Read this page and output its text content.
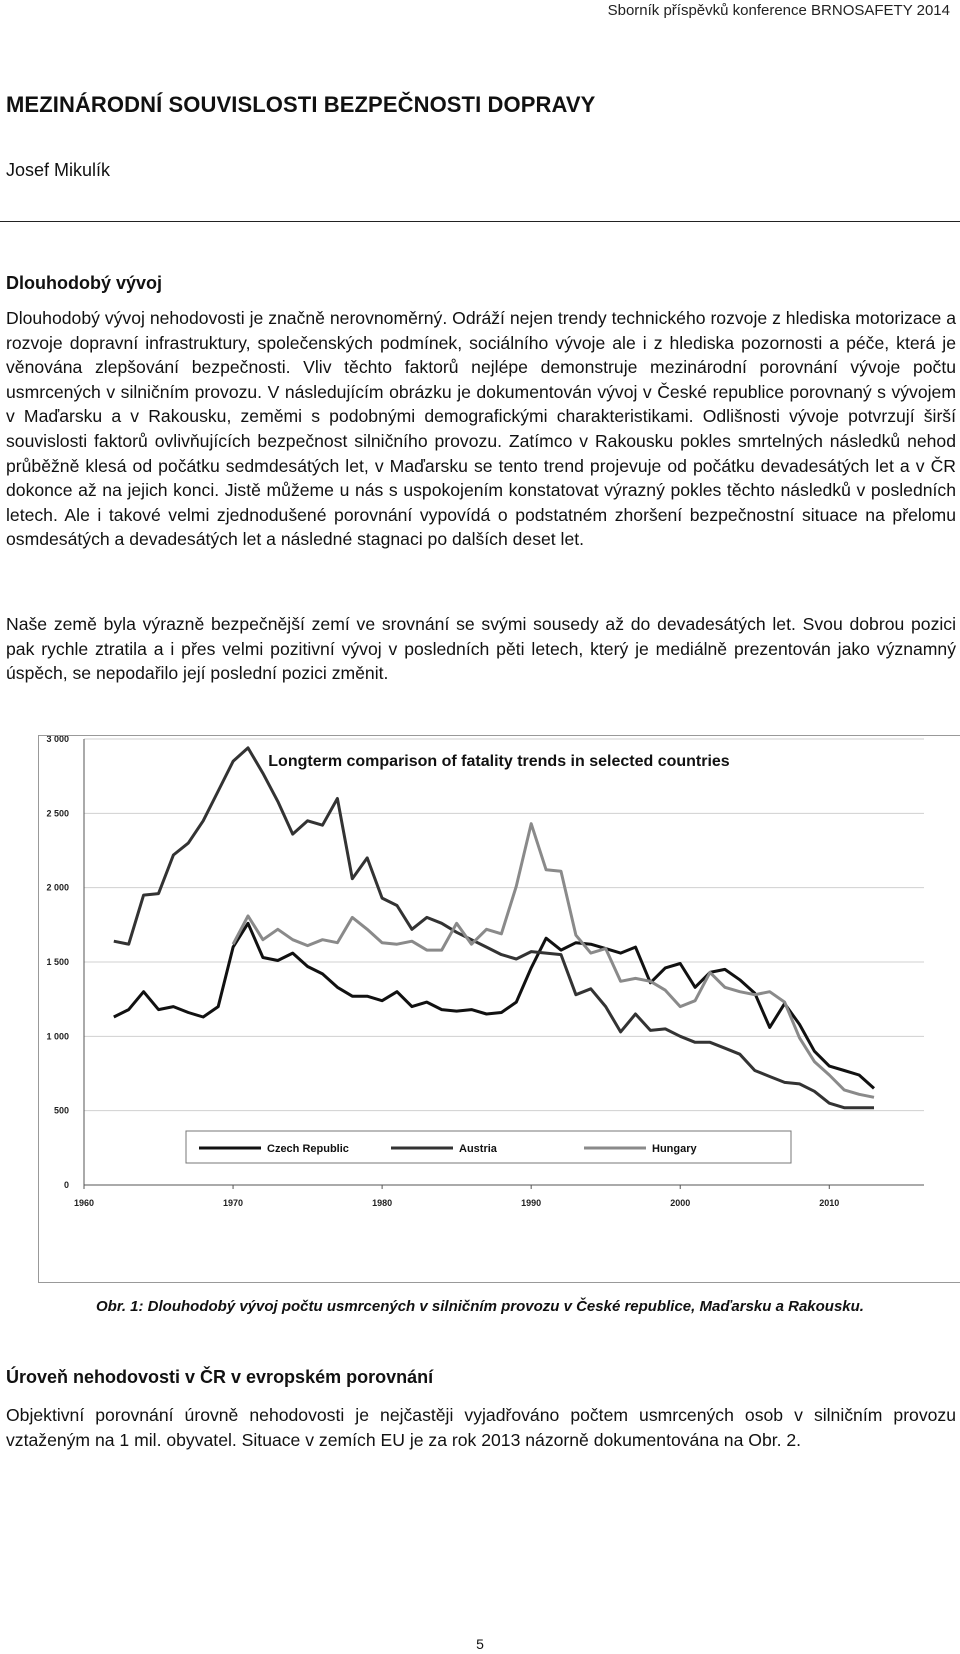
Sborník příspěvků konference BRNOSAFETY 2014
MEZINÁRODNÍ SOUVISLOSTI BEZPEČNOSTI DOPRAVY
Josef Mikulík
Dlouhodobý vývoj

Dlouhodobý vývoj nehodovosti je značně nerovnoměrný. Odráží nejen trendy technického rozvoje z hlediska motorizace a rozvoje dopravní infrastruktury, společenských podmínek, sociálního vývoje ale i z hlediska pozornosti a péče, která je věnována zlepšování bezpečnosti. Vliv těchto faktorů nejlépe demonstruje mezinárodní porovnání vývoje počtu usmrcených v silničním provozu. V následujícím obrázku je dokumentován vývoj v České republice porovnaný s vývojem v Maďarsku a v Rakousku, zeměmi s podobnými demografickými charakteristikami. Odlišnosti vývoje potvrzují širší souvislosti faktorů ovlivňujících bezpečnost silničního provozu. Zatímco v Rakousku pokles smrtelných následků nehod průběžně klesá od počátku sedmdesátých let, v Maďarsku se tento trend projevuje od počátku devadesátých let a v ČR dokonce až na jejich konci. Jistě můžeme u nás s uspokojením konstatovat výrazný pokles těchto následků v posledních letech. Ale i takové velmi zjednodušené porovnání vypovídá o podstatném zhoršení bezpečnostní situace na přelomu osmdesátých a devadesátých let a následné stagnaci po dalších deset let.

Naše země byla výrazně bezpečnější zemí ve srovnání se svými sousedy až do devadesátých let. Svou dobrou pozici pak rychle ztratila a i přes velmi pozitivní vývoj v posledních pěti letech, který je mediálně prezentován jako významný úspěch, se nepodařilo její poslední pozici změnit.

Longterm comparison of fatality trends in selected countries
0
500
1 000
1 500
2 000
2 500
3 000
1960	1970	1980	1990	2000	2010
Czech Republic	Austria	Hungary
Obr. 1: Dlouhodobý vývoj počtu usmrcených v silničním provozu v České republice, Maďarsku a Rakousku.
Úroveň nehodovosti v ČR v evropském porovnání

Objektivní porovnání úrovně nehodovosti je nejčastěji vyjadřováno počtem usmrcených osob v silničním provozu vztaženým na 1 mil. obyvatel. Situace v zemích EU je za rok 2013 názorně dokumentována na Obr. 2.

5
